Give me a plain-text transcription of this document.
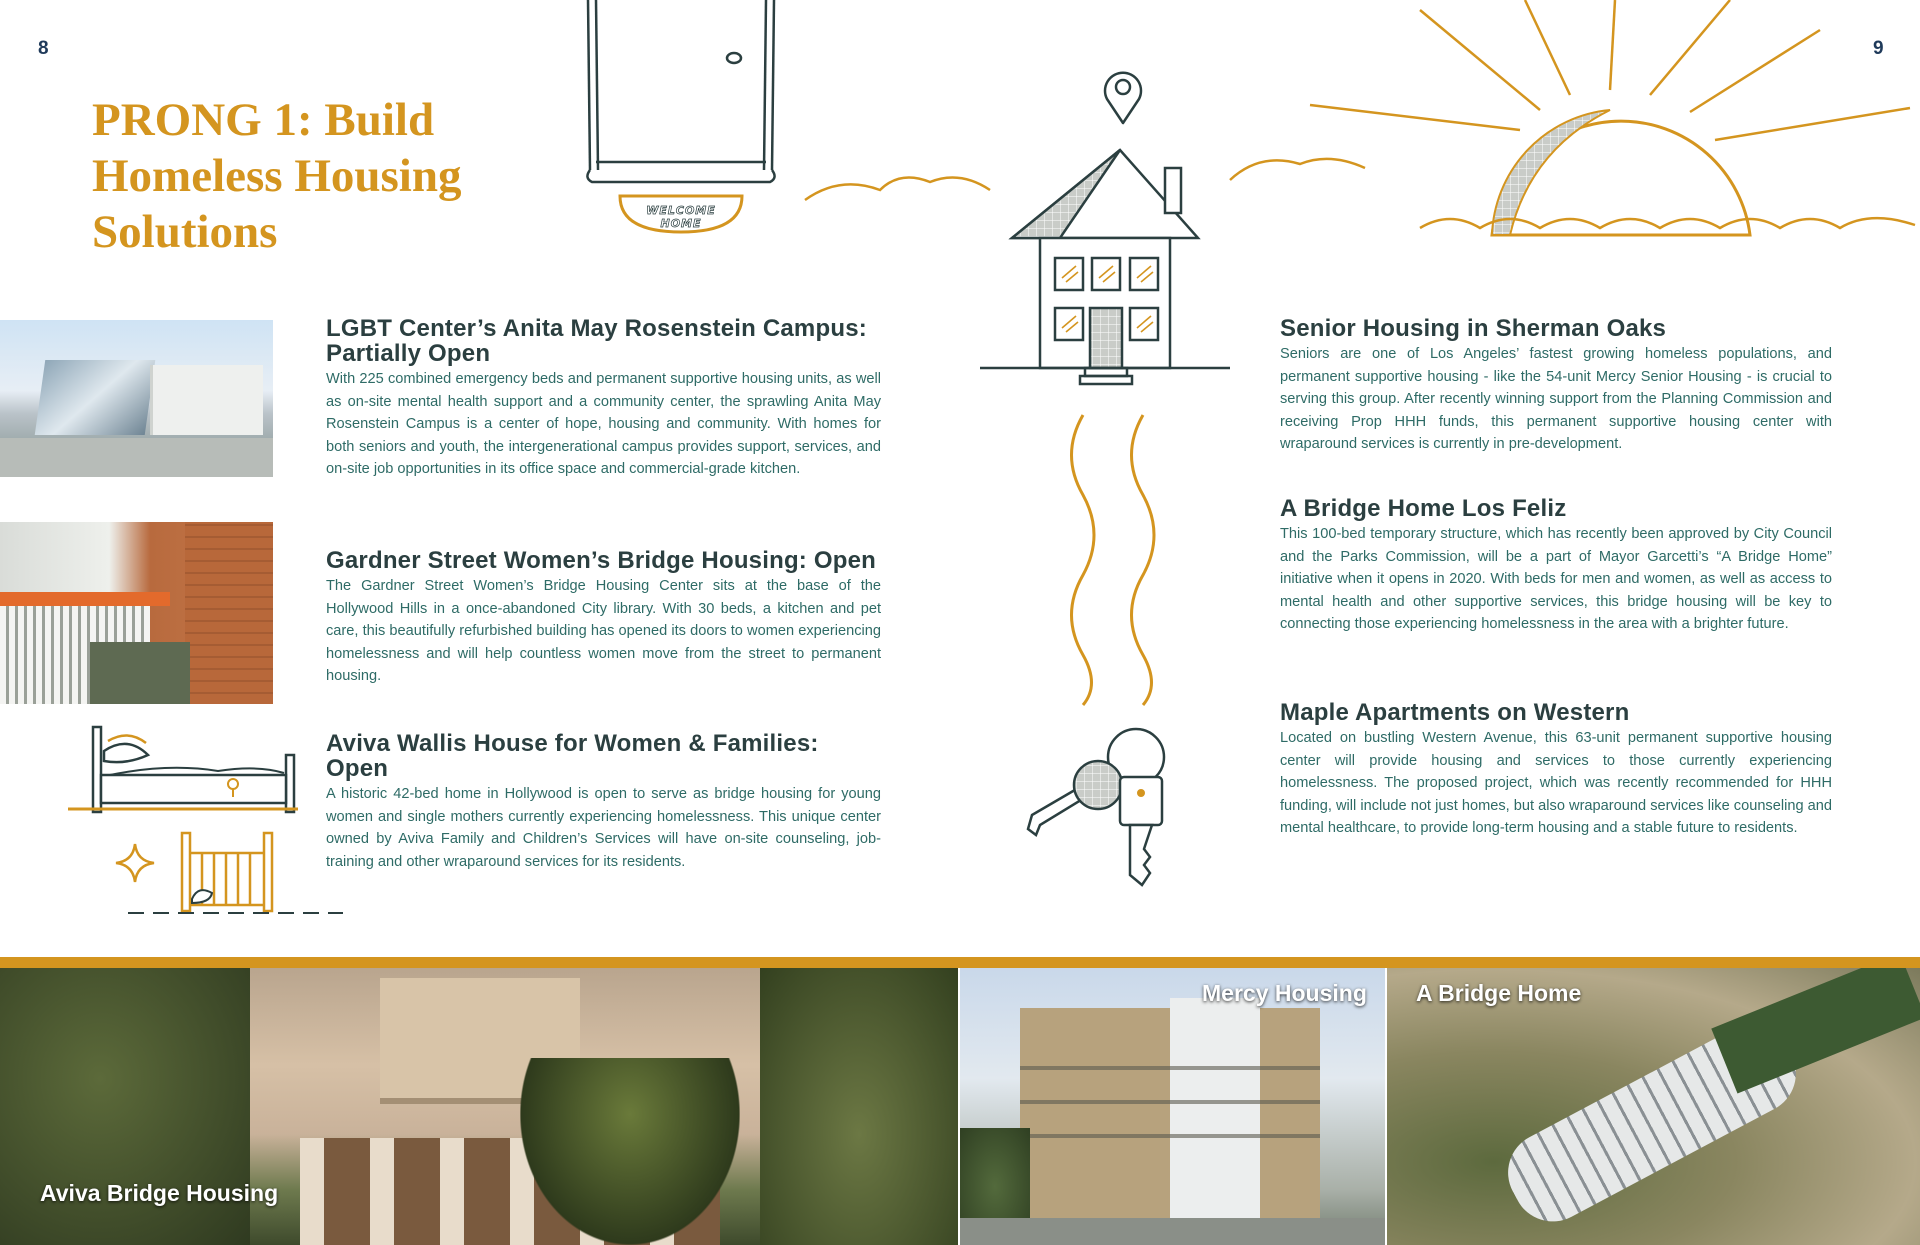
8	9
PRONG 1: Build
Homeless Housing
Solutions	WELCOME
HOME
LGBT Center’s Anita May Rosenstein Campus: Partially Open

With 225 combined emergency beds and permanent supportive housing units, as well as on-site mental health support and a community center, the sprawling Anita May Rosenstein Campus is a center of hope, housing and community. With homes for both seniors and youth, the intergenerational campus provides support, services, and on-site job opportunities in its office space and commercial-grade kitchen.

Gardner Street Women’s Bridge Housing: Open

The Gardner Street Women’s Bridge Housing Center sits at the base of the Hollywood Hills in a once-abandoned City library. With 30 beds, a kitchen and pet care, this beautifully refurbished building has opened its doors to women experiencing homelessness and will help countless women move from the street to permanent housing.

Aviva Wallis House for Women & Families: Open

A historic 42-bed home in Hollywood is open to serve as bridge housing for young women and single mothers currently experiencing homelessness. This unique center owned by Aviva Family and Children’s Services will have on-site counseling, job-training and other wraparound services for its residents.

Senior Housing in Sherman Oaks

Seniors are one of Los Angeles’ fastest growing homeless populations, and permanent supportive housing - like the 54-unit Mercy Senior Housing - is crucial to serving this group. After recently winning support from the Planning Commission and receiving Prop HHH funds, this permanent supportive housing center with wraparound services is currently in pre-development.

A Bridge Home Los Feliz

This 100-bed temporary structure, which has recently been approved by City Council and the Parks Commission, will be a part of Mayor Garcetti’s “A Bridge Home” initiative when it opens in 2020. With beds for men and women, as well as access to mental health and other supportive services, this bridge housing will be key to connecting those experiencing homelessness in the area with a brighter future.

Maple Apartments on Western

Located on bustling Western Avenue, this 63-unit permanent supportive housing center will provide housing and services to those currently experiencing homelessness. The proposed project, which was recently recommended for HHH funding, will include not just homes, but also wraparound services like counseling and mental healthcare, to provide long-term housing and a stable future to residents.

Aviva Bridge Housing
Mercy Housing A Bridge Home
